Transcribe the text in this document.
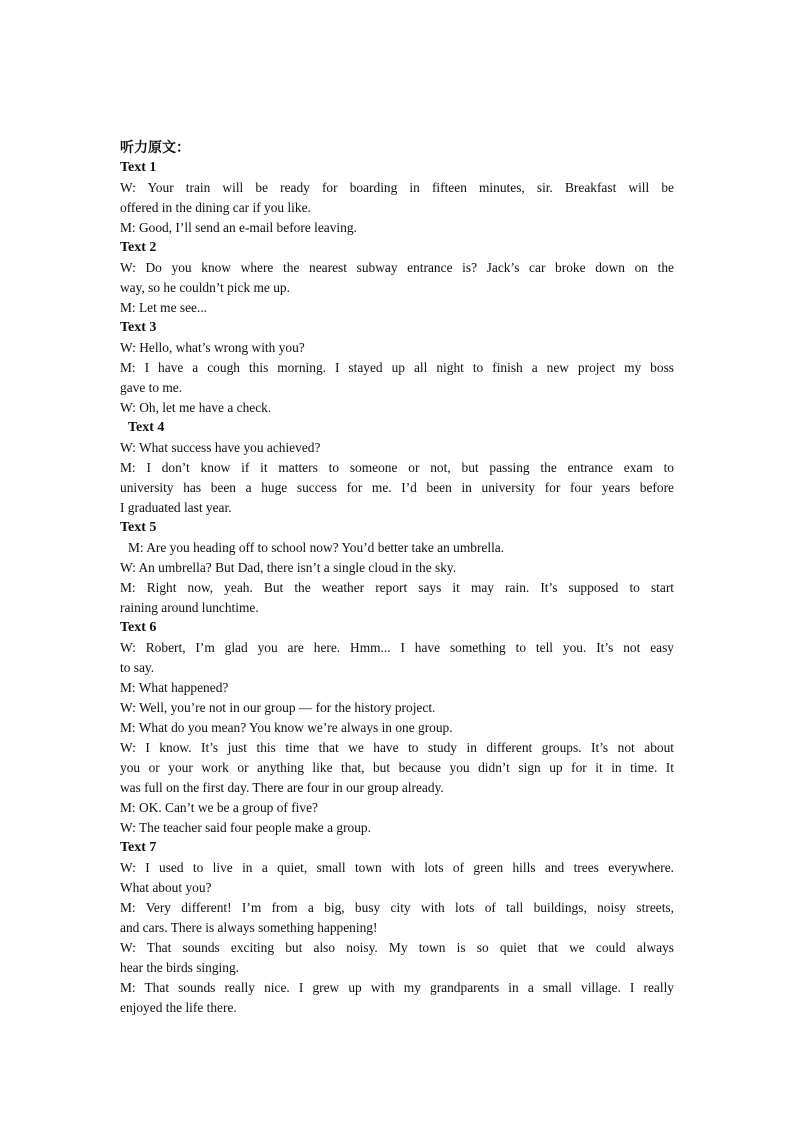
听力原文：
Text 1
W: Your train will be ready for boarding in fifteen minutes, sir. Breakfast will be
offered in the dining car if you like.
M: Good, I’ll send an e-mail before leaving.
Text 2
W: Do you know where the nearest subway entrance is? Jack’s car broke down on the
way, so he couldn’t pick me up.
M: Let me see...
Text 3
W: Hello, what’s wrong with you?
M: I have a cough this morning. I stayed up all night to finish a new project my boss
gave to me.
W: Oh, let me have a check.
Text 4
W: What success have you achieved?
M: I don’t know if it matters to someone or not, but passing the entrance exam to
university has been a huge success for me. I’d been in university for four years before
I graduated last year.
Text 5
M: Are you heading off to school now? You’d better take an umbrella.
W: An umbrella? But Dad, there isn’t a single cloud in the sky.
M: Right now, yeah. But the weather report says it may rain. It’s supposed to start
raining around lunchtime.
Text 6
W: Robert, I’m glad you are here. Hmm... I have something to tell you. It’s not easy
to say.
M: What happened?
W: Well, you’re not in our group — for the history project.
M: What do you mean? You know we’re always in one group.
W: I know. It’s just this time that we have to study in different groups. It’s not about
you or your work or anything like that, but because you didn’t sign up for it in time. It
was full on the first day. There are four in our group already.
M: OK. Can’t we be a group of five?
W: The teacher said four people make a group.
Text 7
W: I used to live in a quiet, small town with lots of green hills and trees everywhere.
What about you?
M: Very different! I’m from a big, busy city with lots of tall buildings, noisy streets,
and cars. There is always something happening!
W: That sounds exciting but also noisy. My town is so quiet that we could always
hear the birds singing.
M: That sounds really nice. I grew up with my grandparents in a small village. I really
enjoyed the life there.
